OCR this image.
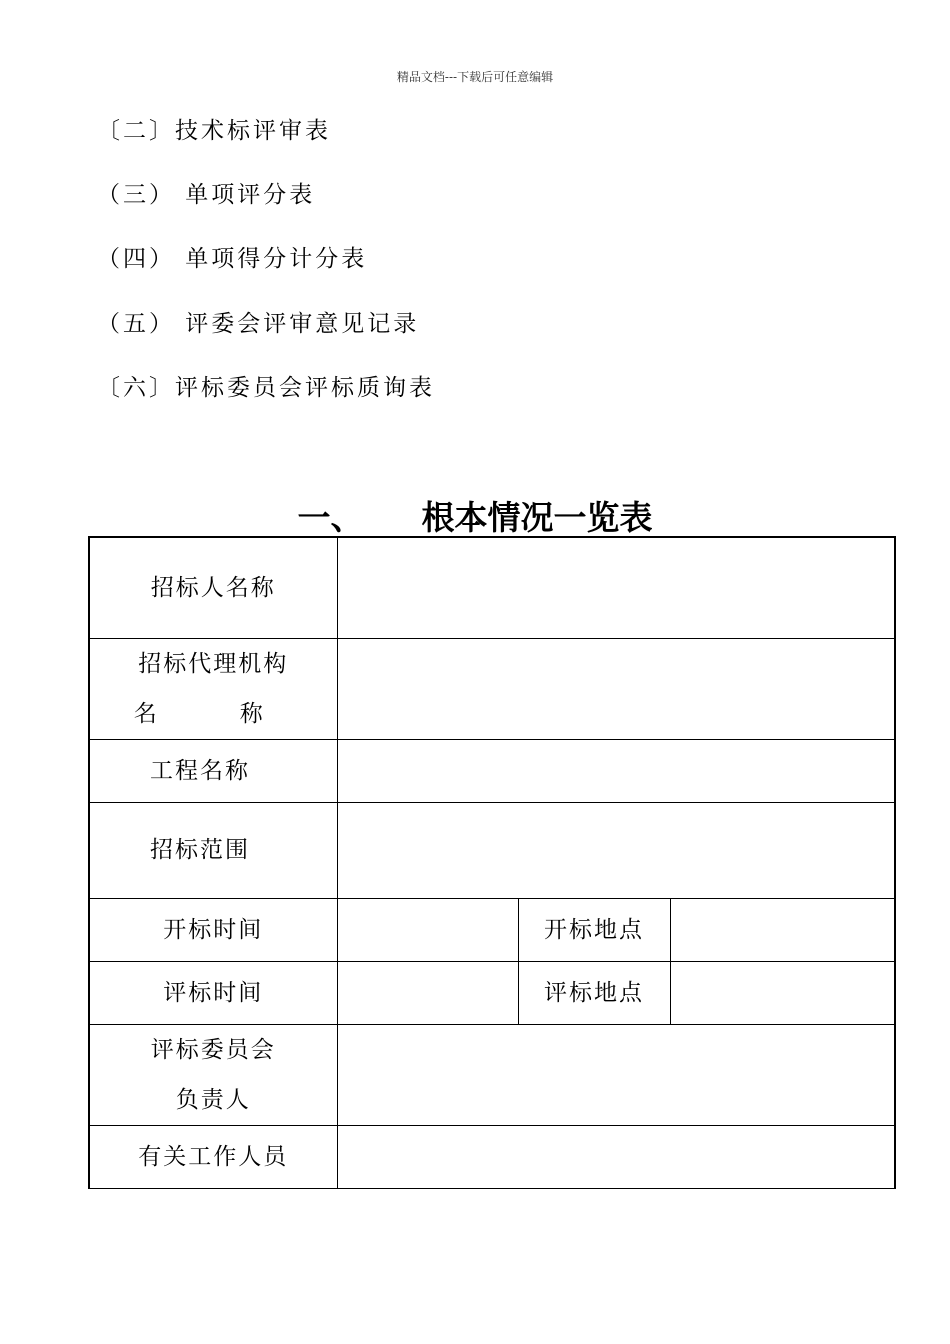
精品文档---下载后可任意编辑
〔二〕技术标评审表
（三） 单项评分表
（四） 单项得分计分表
（五） 评委会评审意见记录
〔六〕评标委员会评标质询表
一、 根本情况一览表
招标人名称			

招标代理机构
名　称			

工程名称			
招标范围			
开标时间		开标地点	
评标时间		评标地点	

评标委员会
负责人			

有关工作人员			
